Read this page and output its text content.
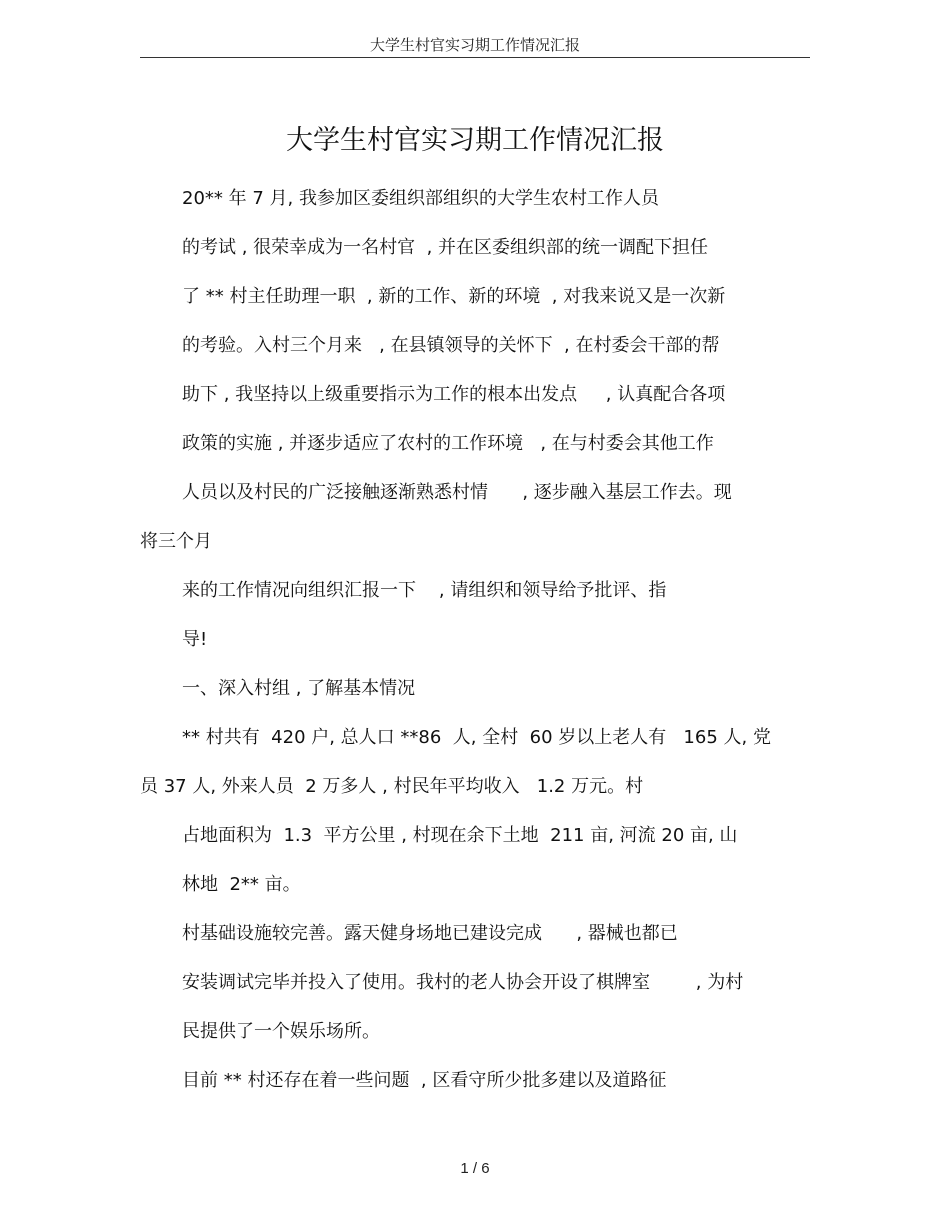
大学生村官实习期工作情况汇报
大学生村官实习期工作情况汇报
20** 年 7 月, 我参加区委组织部组织的大学生农村工作人员
的考试 , 很荣幸成为一名村官  , 并在区委组织部的统一调配下担任
了 ** 村主任助理一职  , 新的工作、新的环境  , 对我来说又是一次新
的考验。入村三个月来   , 在县镇领导的关怀下  , 在村委会干部的帮
助下 , 我坚持以上级重要指示为工作的根本出发点     , 认真配合各项
政策的实施 , 并逐步适应了农村的工作环境   , 在与村委会其他工作
人员以及村民的广泛接触逐渐熟悉村情      , 逐步融入基层工作去。现
将三个月
来的工作情况向组织汇报一下    , 请组织和领导给予批评、指
导!
一、深入村组 , 了解基本情况
** 村共有  420 户, 总人口 **86  人, 全村  60 岁以上老人有   165 人, 党
员 37 人, 外来人员  2 万多人 , 村民年平均收入   1.2 万元。村
占地面积为  1.3  平方公里 , 村现在余下土地  211 亩, 河流 20 亩, 山
林地  2** 亩。
村基础设施较完善。露天健身场地已建设完成      , 器械也都已
安装调试完毕并投入了使用。我村的老人协会开设了棋牌室        , 为村
民提供了一个娱乐场所。
目前 ** 村还存在着一些问题  , 区看守所少批多建以及道路征
1 / 6
